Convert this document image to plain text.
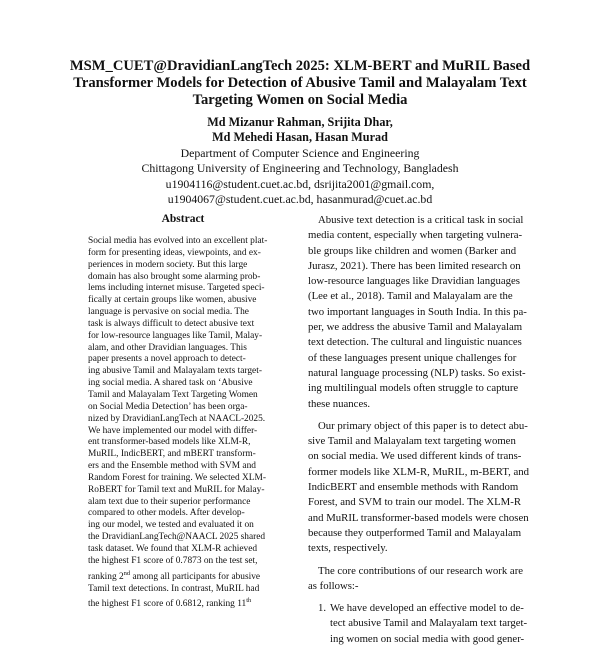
MSM_CUET@DravidianLangTech 2025: XLM-BERT and MuRIL Based
Transformer Models for Detection of Abusive Tamil and Malayalam Text
Targeting Women on Social Media
Md Mizanur Rahman, Srijita Dhar,
Md Mehedi Hasan, Hasan Murad
Department of Computer Science and Engineering
Chittagong University of Engineering and Technology, Bangladesh
u1904116@student.cuet.ac.bd, dsrijita2001@gmail.com,
u1904067@student.cuet.ac.bd, hasanmurad@cuet.ac.bd
Abstract
Social media has evolved into an excellent plat-
form for presenting ideas, viewpoints, and ex-
periences in modern society. But this large
domain has also brought some alarming prob-
lems including internet misuse. Targeted speci-
fically at certain groups like women, abusive
language is pervasive on social media. The
task is always difficult to detect abusive text
for low-resource languages like Tamil, Malay-
alam, and other Dravidian languages. This
paper presents a novel approach to detect-
ing abusive Tamil and Malayalam texts target-
ing social media. A shared task on ‘Abusive
Tamil and Malayalam Text Targeting Women
on Social Media Detection’ has been orga-
nized by DravidianLangTech at NAACL-2025.
We have implemented our model with differ-
ent transformer-based models like XLM-R,
MuRIL, IndicBERT, and mBERT transform-
ers and the Ensemble method with SVM and
Random Forest for training. We selected XLM-
RoBERT for Tamil text and MuRIL for Malay-
alam text due to their superior performance
compared to other models. After develop-
ing our model, we tested and evaluated it on
the DravidianLangTech@NAACL 2025 shared
task dataset. We found that XLM-R achieved
the highest F1 score of 0.7873 on the test set,
ranking 2nd among all participants for abusive
Tamil text detections. In contrast, MuRIL had
the highest F1 score of 0.6812, ranking 11th
Abusive text detection is a critical task in social
media content, especially when targeting vulnera-
ble groups like children and women (Barker and
Jurasz, 2021). There has been limited research on
low-resource languages like Dravidian languages
(Lee et al., 2018). Tamil and Malayalam are the
two important languages in South India. In this pa-
per, we address the abusive Tamil and Malayalam
text detection. The cultural and linguistic nuances
of these languages present unique challenges for
natural language processing (NLP) tasks. So exist-
ing multilingual models often struggle to capture
these nuances.
Our primary object of this paper is to detect abu-
sive Tamil and Malayalam text targeting women
on social media. We used different kinds of trans-
former models like XLM-R, MuRIL, m-BERT, and
IndicBERT and ensemble methods with Random
Forest, and SVM to train our model. The XLM-R
and MuRIL transformer-based models were chosen
because they outperformed Tamil and Malayalam
texts, respectively.
The core contributions of our research work are
as follows:-
1. We have developed an effective model to de-
tect abusive Tamil and Malayalam text target-
ing women on social media with good gener-
